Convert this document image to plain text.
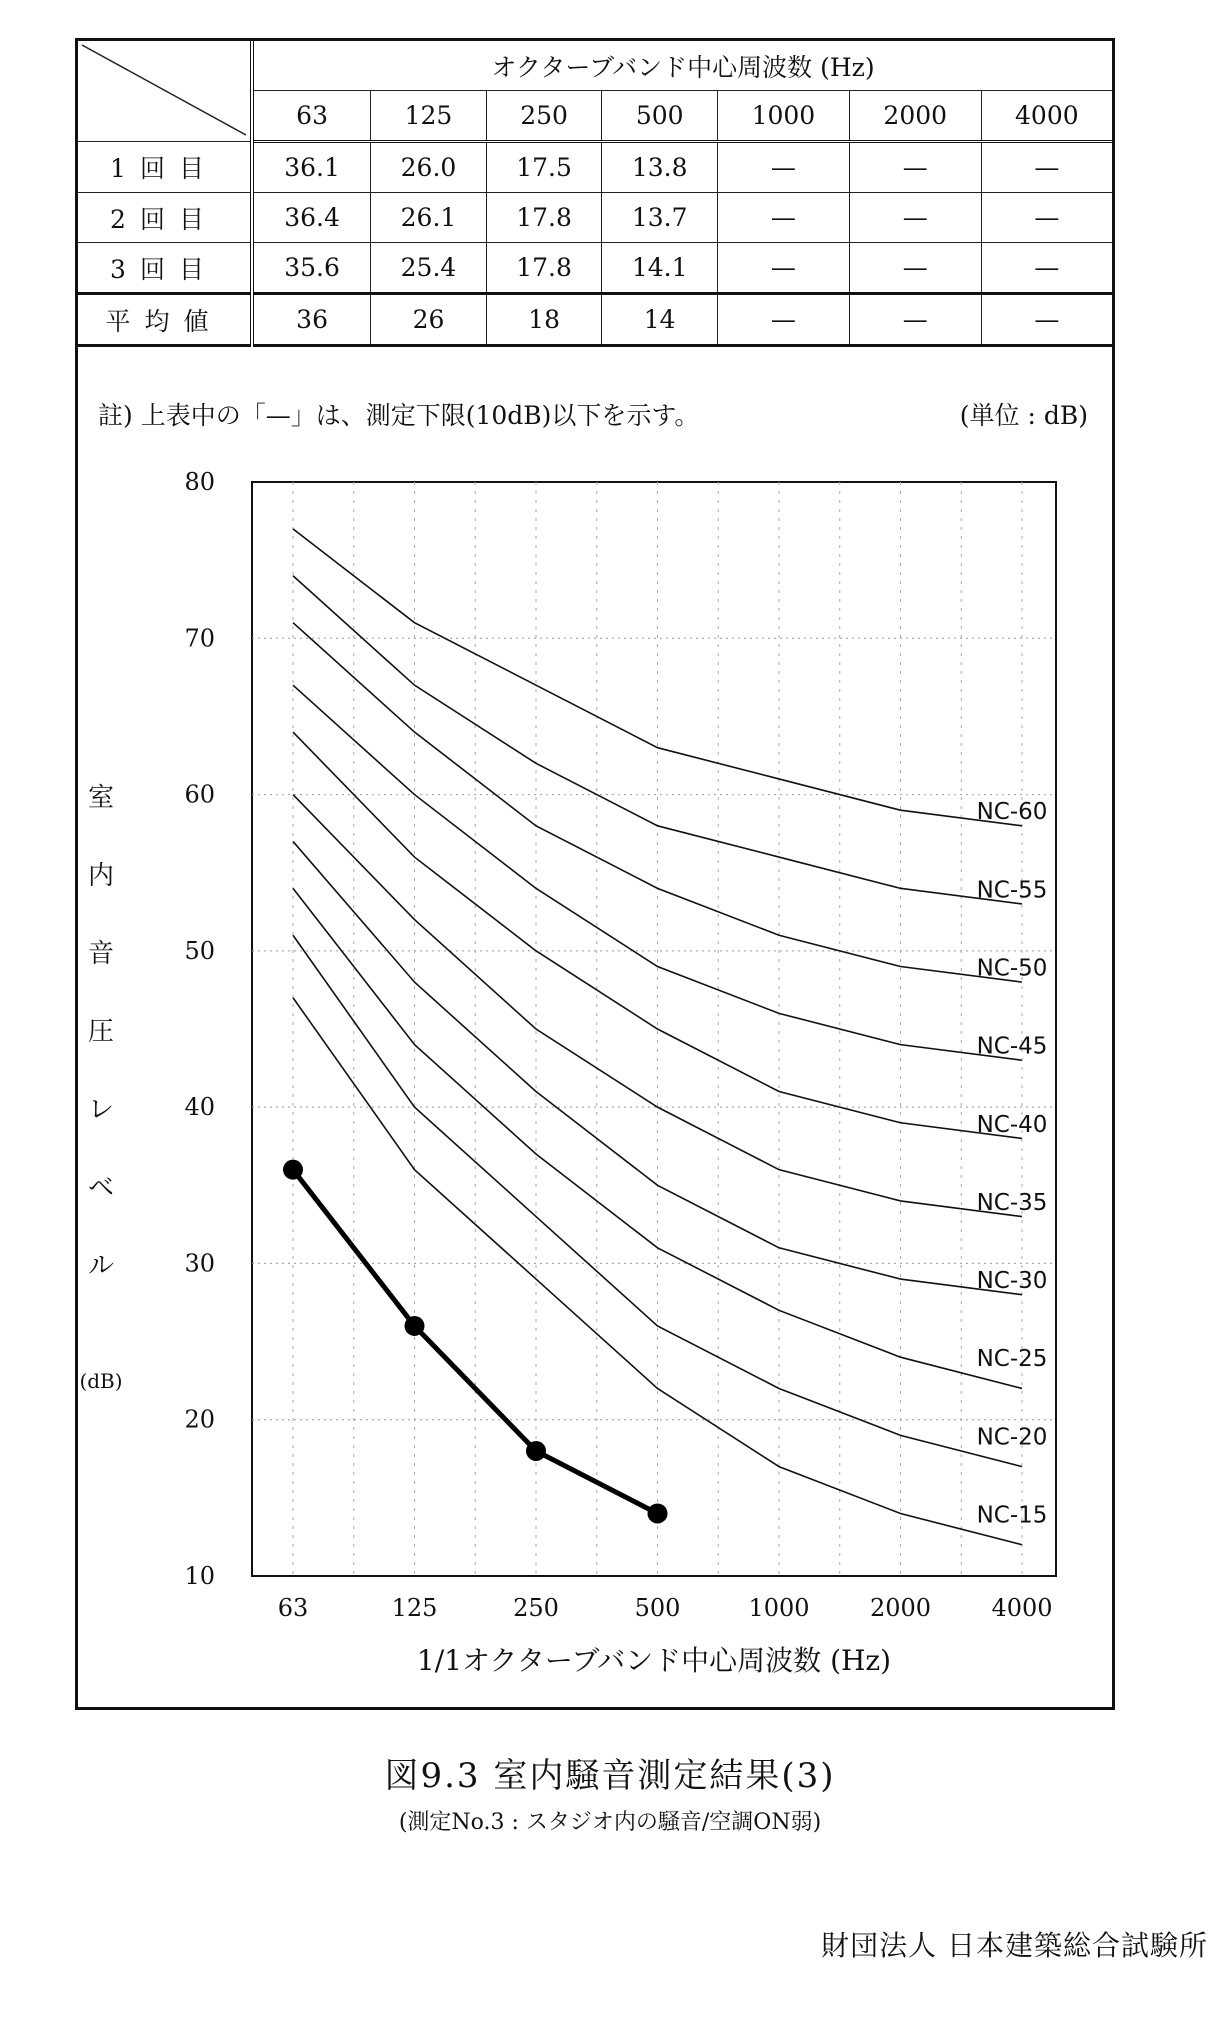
	オクターブバンド中心周波数 (Hz)						
	63	125	250	500	1000	2000	4000
1回目	36.1	26.0	17.5	13.8	—	—	—
2回目	36.4	26.1	17.8	13.7	—	—	—
3回目	35.6	25.4	17.8	14.1	—	—	—
平均値	36	26	18	14	—	—	—
註) 上表中の「—」は、測定下限(10dB)以下を示す。	(単位 : dB)
80
70
60
50
40
30
20
10
63	125	250	500	1000	2000	4000
1/1オクターブバンド中心周波数 (Hz)
室
内
音
圧
レ
ベ
ル
(dB)
NC-60
NC-55
NC-50
NC-45
NC-40
NC-35
NC-30
NC-25
NC-20
NC-15
図9.3 室内騒音測定結果(3)
(測定No.3 : スタジオ内の騒音/空調ON弱)
財団法人 日本建築総合試験所
